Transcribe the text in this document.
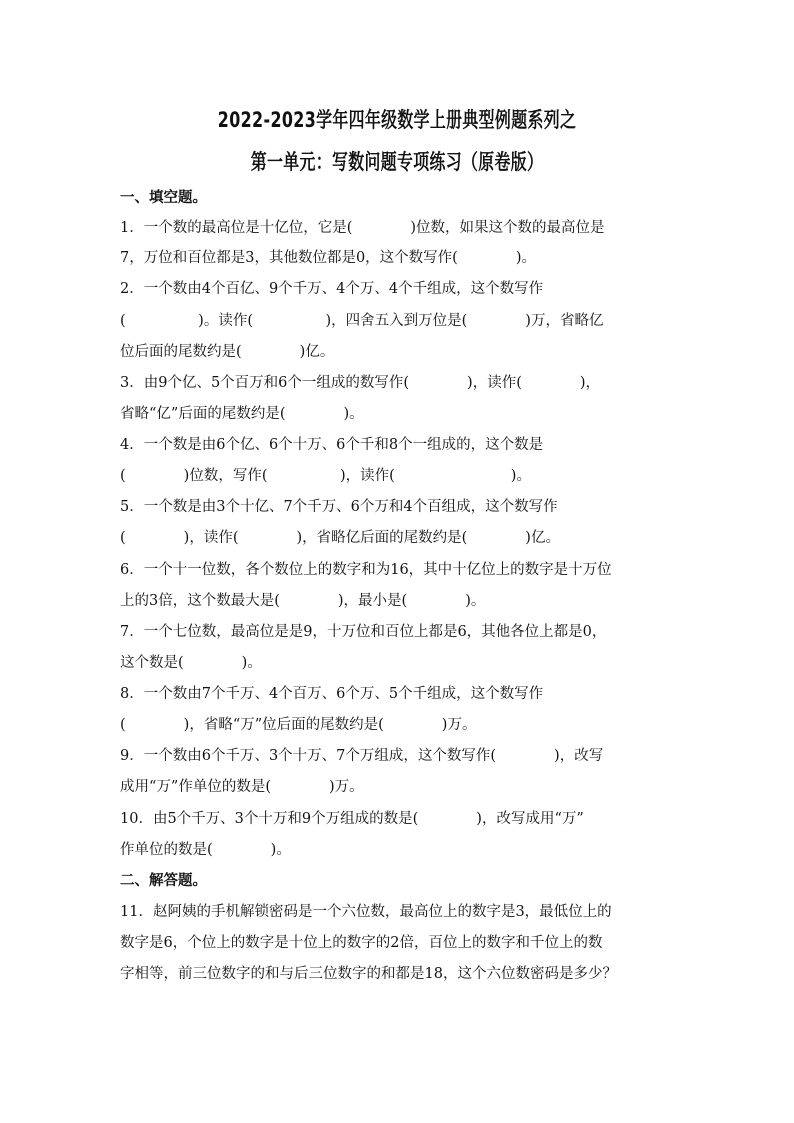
2022-2023学年四年级数学上册典型例题系列之
第一单元：写数问题专项练习（原卷版）
一、填空题。
1．一个数的最高位是十亿位，它是(　　　　)位数，如果这个数的最高位是
7，万位和百位都是3，其他数位都是0，这个数写作(　　　　)。
2．一个数由4个百亿、9个千万、4个万、4个千组成，这个数写作
(　　　　　)。读作(　　　　　)，四舍五入到万位是(　　　　)万，省略亿
位后面的尾数约是(　　　　)亿。
3．由9个亿、5个百万和6个一组成的数写作(　　　　)，读作(　　　　)，
省略“亿”后面的尾数约是(　　　　)。
4．一个数是由6个亿、6个十万、6个千和8个一组成的，这个数是
(　　　　)位数，写作(　　　　　)，读作(　　　　　　　　)。
5．一个数是由3个十亿、7个千万、6个万和4个百组成，这个数写作
(　　　　)，读作(　　　　)，省略亿后面的尾数约是(　　　　)亿。
6．一个十一位数，各个数位上的数字和为16，其中十亿位上的数字是十万位
上的3倍，这个数最大是(　　　　)，最小是(　　　　)。
7．一个七位数，最高位是是9，十万位和百位上都是6，其他各位上都是0，
这个数是(　　　　)。
8．一个数由7个千万、4个百万、6个万、5个千组成，这个数写作
(　　　　)，省略“万”位后面的尾数约是(　　　　)万。
9．一个数由6个千万、3个十万、7个万组成，这个数写作(　　　　)，改写
成用“万”作单位的数是(　　　　)万。
10．由5个千万、3个十万和9个万组成的数是(　　　　)，改写成用“万”
作单位的数是(　　　　)。
二、解答题。
11．赵阿姨的手机解锁密码是一个六位数，最高位上的数字是3，最低位上的
数字是6，个位上的数字是十位上的数字的2倍，百位上的数字和千位上的数
字相等，前三位数字的和与后三位数字的和都是18，这个六位数密码是多少？
